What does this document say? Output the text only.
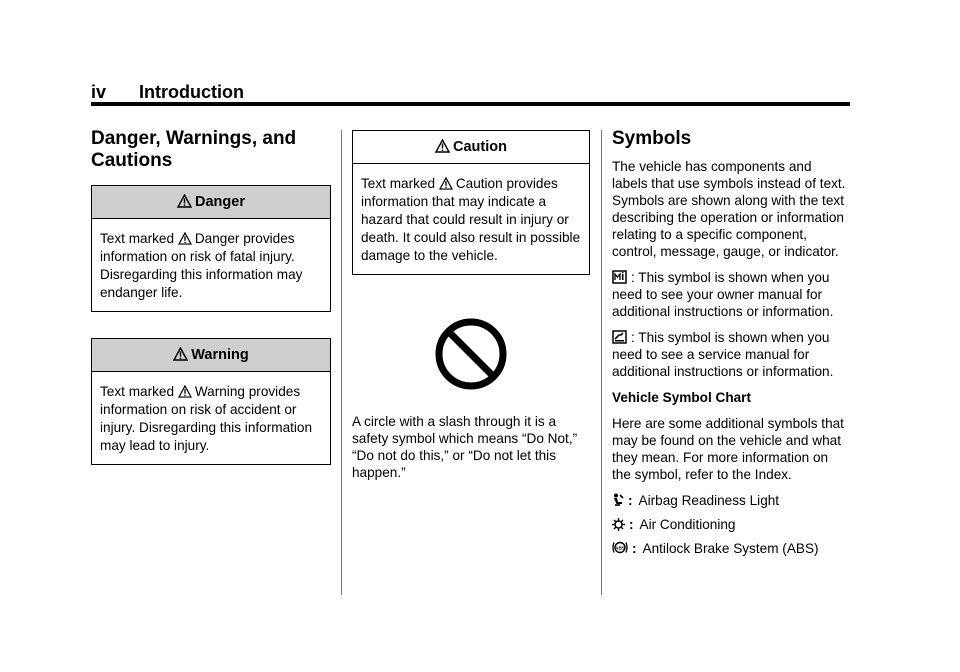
iv Introduction
Danger, Warnings, and Cautions
Danger
Text marked Danger provides information on risk of fatal injury. Disregarding this information may endanger life.
Warning
Text marked Warning provides information on risk of accident or injury. Disregarding this information may lead to injury.
Caution
Text marked Caution provides information that may indicate a hazard that could result in injury or death. It could also result in possible damage to the vehicle.
A circle with a slash through it is a safety symbol which means “Do Not,” “Do not do this,” or “Do not let this happen.”
Symbols
The vehicle has components and labels that use symbols instead of text. Symbols are shown along with the text describing the operation or information relating to a specific component, control, message, gauge, or indicator.
: This symbol is shown when you need to see your owner manual for additional instructions or information.
: This symbol is shown when you need to see a service manual for additional instructions or information.
Vehicle Symbol Chart
Here are some additional symbols that may be found on the vehicle and what they mean. For more information on the symbol, refer to the Index.
: Airbag Readiness Light
: Air Conditioning
ABS : Antilock Brake System (ABS)
